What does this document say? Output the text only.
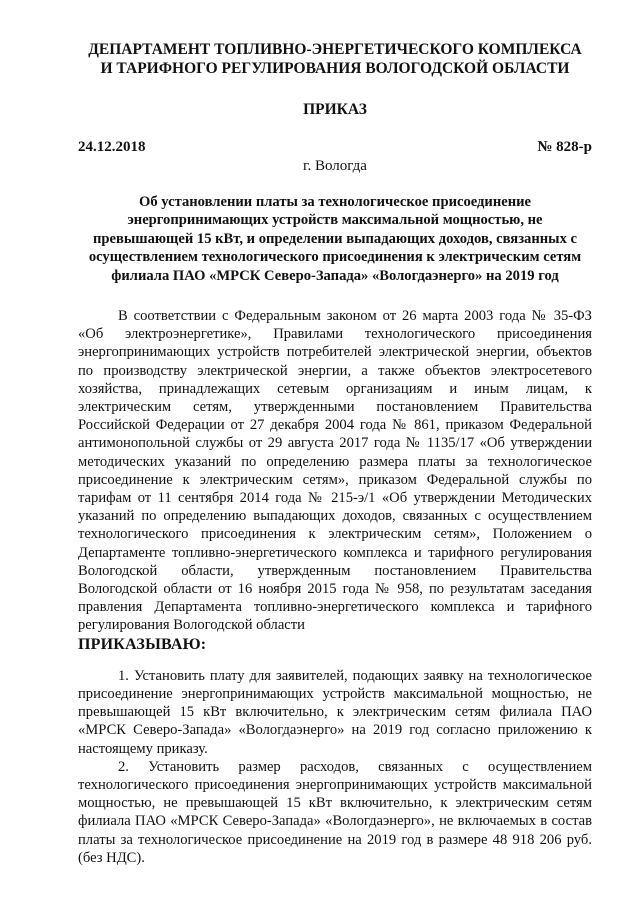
ДЕПАРТАМЕНТ ТОПЛИВНО-ЭНЕРГЕТИЧЕСКОГО КОМПЛЕКСА
И ТАРИФНОГО РЕГУЛИРОВАНИЯ ВОЛОГОДСКОЙ ОБЛАСТИ

ПРИКАЗ
24.12.2018	№ 828-р
г. Вологда
Об установлении платы за технологическое присоединение энергопринимающих устройств максимальной мощностью, не превышающей 15 кВт, и определении выпадающих доходов, связанных с осуществлением технологического присоединения к электрическим сетям филиала ПАО «МРСК Северо-Запада» «Вологдаэнерго» на 2019 год
В соответствии с Федеральным законом от 26 марта 2003 года № 35-ФЗ «Об электроэнергетике», Правилами технологического присоединения энергопринимающих устройств потребителей электрической энергии, объектов по производству электрической энергии, а также объектов электросетевого хозяйства, принадлежащих сетевым организациям и иным лицам, к электрическим сетям, утвержденными постановлением Правительства Российской Федерации от 27 декабря 2004 года № 861, приказом Федеральной антимонопольной службы от 29 августа 2017 года № 1135/17 «Об утверждении методических указаний по определению размера платы за технологическое присоединение к электрическим сетям», приказом Федеральной службы по тарифам от 11 сентября 2014 года № 215-э/1 «Об утверждении Методических указаний по определению выпадающих доходов, связанных с осуществлением технологического присоединения к электрическим сетям», Положением о Департаменте топливно-энергетического комплекса и тарифного регулирования Вологодской области, утвержденным постановлением Правительства Вологодской области от 16 ноября 2015 года № 958, по результатам заседания правления Департамента топливно-энергетического комплекса и тарифного регулирования Вологодской области
ПРИКАЗЫВАЮ:
1. Установить плату для заявителей, подающих заявку на технологическое присоединение энергопринимающих устройств максимальной мощностью, не превышающей 15 кВт включительно, к электрическим сетям филиала ПАО «МРСК Северо-Запада» «Вологдаэнерго» на 2019 год согласно приложению к настоящему приказу.
2. Установить размер расходов, связанных с осуществлением технологического присоединения энергопринимающих устройств максимальной мощностью, не превышающей 15 кВт включительно, к электрическим сетям филиала ПАО «МРСК Северо-Запада» «Вологдаэнерго», не включаемых в состав платы за технологическое присоединение на 2019 год в размере 48 918 206 руб. (без НДС).
